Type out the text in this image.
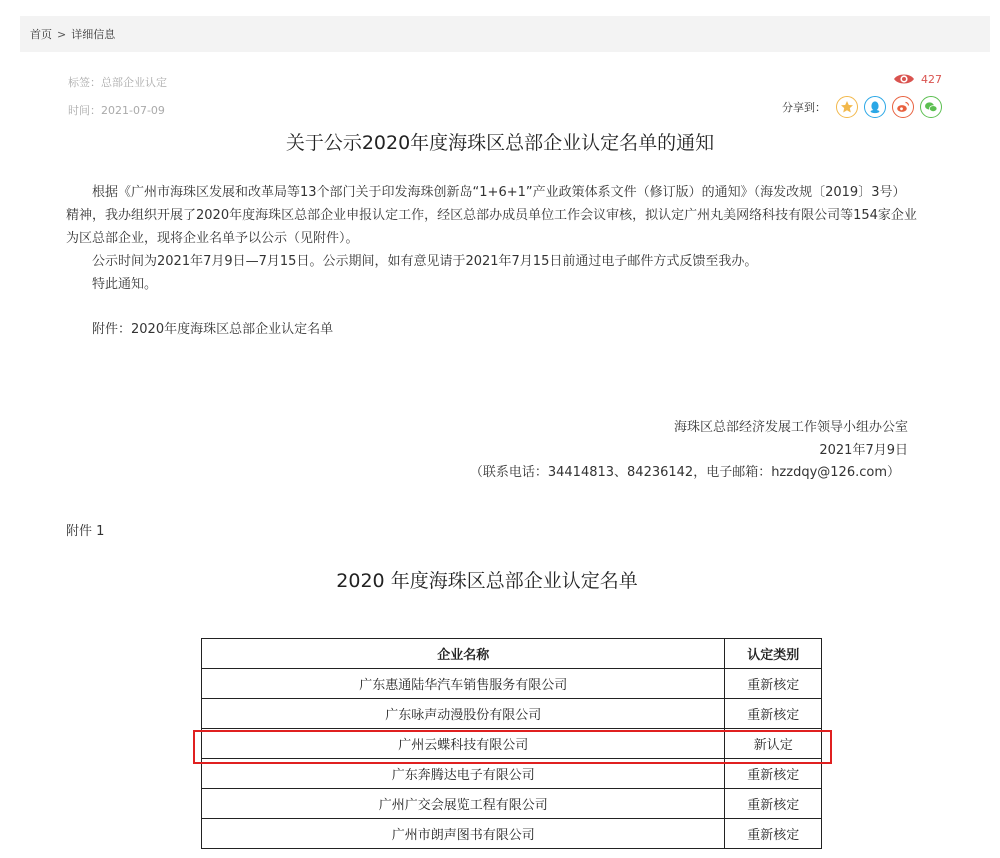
首页 > 详细信息
标签：总部企业认定
时间：2021-07-09
427
分享到：
关于公示2020年度海珠区总部企业认定名单的通知

根据《广州市海珠区发展和改革局等13个部门关于印发海珠创新岛“1+6+1”产业政策体系文件（修订版）的通知》（海发改规〔2019〕3号）精神，我办组织开展了2020年度海珠区总部企业申报认定工作，经区总部办成员单位工作会议审核，拟认定广州丸美网络科技有限公司等154家企业为区总部企业，现将企业名单予以公示（见附件）。

公示时间为2021年7月9日—7月15日。公示期间，如有意见请于2021年7月15日前通过电子邮件方式反馈至我办。

特此通知。

附件：2020年度海珠区总部企业认定名单

海珠区总部经济发展工作领导小组办公室
2021年7月9日
（联系电话：34414813、84236142，电子邮箱：hzzdqy@126.com）
附件 1
2020 年度海珠区总部企业认定名单
企业名称	认定类别
广东惠通陆华汽车销售服务有限公司	重新核定
广东咏声动漫股份有限公司	重新核定
广州云蝶科技有限公司	新认定
广东奔腾达电子有限公司	重新核定
广州广交会展览工程有限公司	重新核定
广州市朗声图书有限公司	重新核定
